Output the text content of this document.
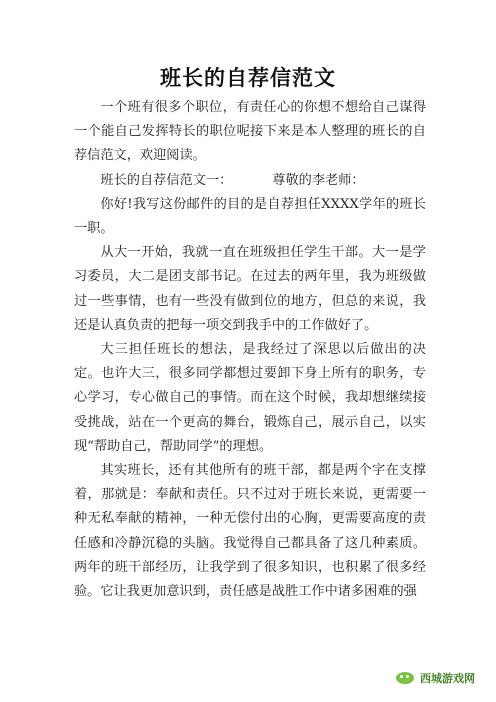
班长的自荐信范文

一个班有很多个职位，有责任心的你想不想给自己谋得一个能自己发挥特长的职位呢接下来是本人整理的班长的自荐信范文，欢迎阅读。

班长的自荐信范文一：	尊敬的李老师：

你好!我写这份邮件的目的是自荐担任XXXX学年的班长一职。

从大一开始，我就一直在班级担任学生干部。大一是学习委员，大二是团支部书记。在过去的两年里，我为班级做过一些事情，也有一些没有做到位的地方，但总的来说，我还是认真负责的把每一项交到我手中的工作做好了。

大三担任班长的想法，是我经过了深思以后做出的决定。也许大三，很多同学都想过要卸下身上所有的职务，专心学习，专心做自己的事情。而在这个时候，我却想继续接受挑战，站在一个更高的舞台，锻炼自己，展示自己，以实现“帮助自己，帮助同学”的理想。

其实班长，还有其他所有的班干部，都是两个字在支撑着，那就是：奉献和责任。只不过对于班长来说，更需要一种无私奉献的精神，一种无偿付出的心胸，更需要高度的责任感和冷静沉稳的头脑。我觉得自己都具备了这几种素质。两年的班干部经历，让我学到了很多知识，也积累了很多经验。它让我更加意识到，责任感是战胜工作中诸多困难的强

西城游戏网
